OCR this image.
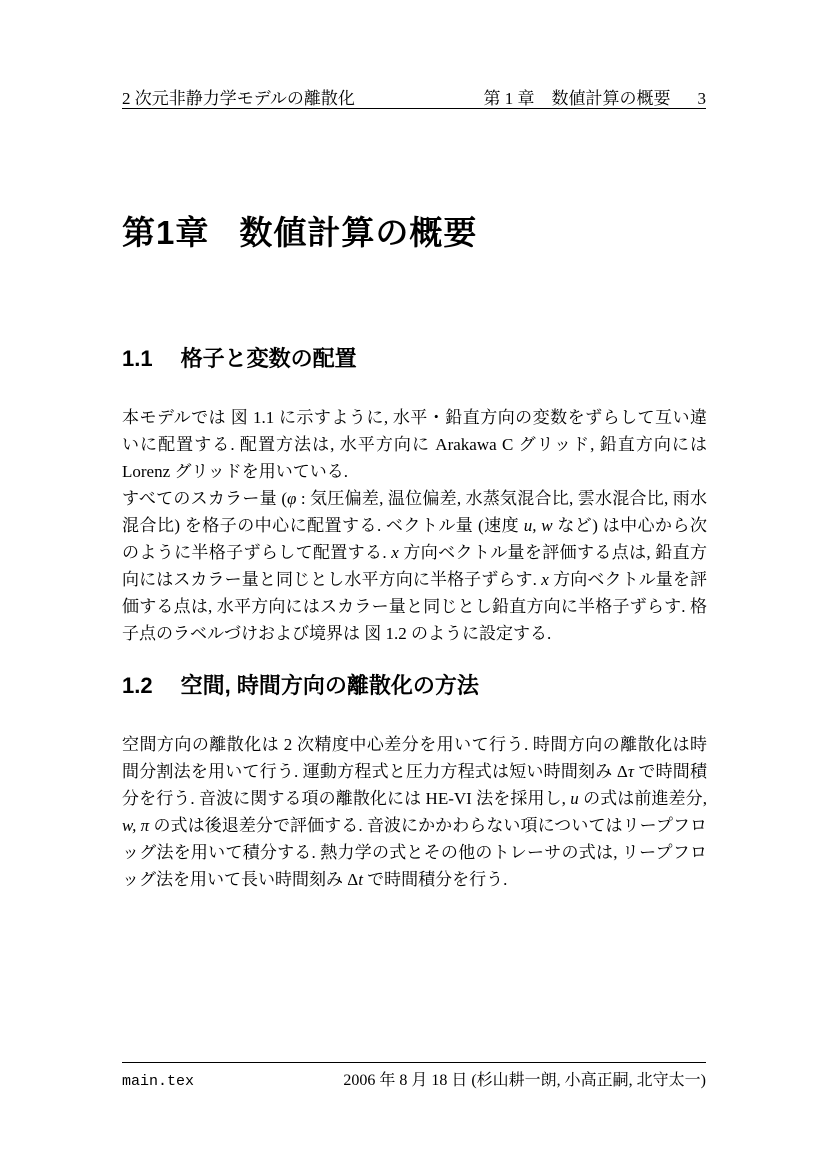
2 次元非静力学モデルの離散化	第 1 章 数値計算の概要 3
第1章 数値計算の概要
1.1 格子と変数の配置
本モデルでは 図 1.1 に示すように, 水平・鉛直方向の変数をずらして互い違いに配置する. 配置方法は, 水平方向に Arakawa C グリッド, 鉛直方向には Lorenz グリッドを用いている.
すべてのスカラー量 (φ : 気圧偏差, 温位偏差, 水蒸気混合比, 雲水混合比, 雨水混合比) を格子の中心に配置する. ベクトル量 (速度 u, w など) は中心から次のように半格子ずらして配置する. x 方向ベクトル量を評価する点は, 鉛直方向にはスカラー量と同じとし水平方向に半格子ずらす. x 方向ベクトル量を評価する点は, 水平方向にはスカラー量と同じとし鉛直方向に半格子ずらす. 格子点のラベルづけおよび境界は 図 1.2 のように設定する.
1.2 空間, 時間方向の離散化の方法
空間方向の離散化は 2 次精度中心差分を用いて行う. 時間方向の離散化は時間分割法を用いて行う. 運動方程式と圧力方程式は短い時間刻み Δτ で時間積分を行う. 音波に関する項の離散化には HE-VI 法を採用し, u の式は前進差分, w, π の式は後退差分で評価する. 音波にかかわらない項についてはリープフロッグ法を用いて積分する. 熱力学の式とその他のトレーサの式は, リープフロッグ法を用いて長い時間刻み Δt で時間積分を行う.
main.tex	2006 年 8 月 18 日 (杉山耕一朗, 小高正嗣, 北守太一)
